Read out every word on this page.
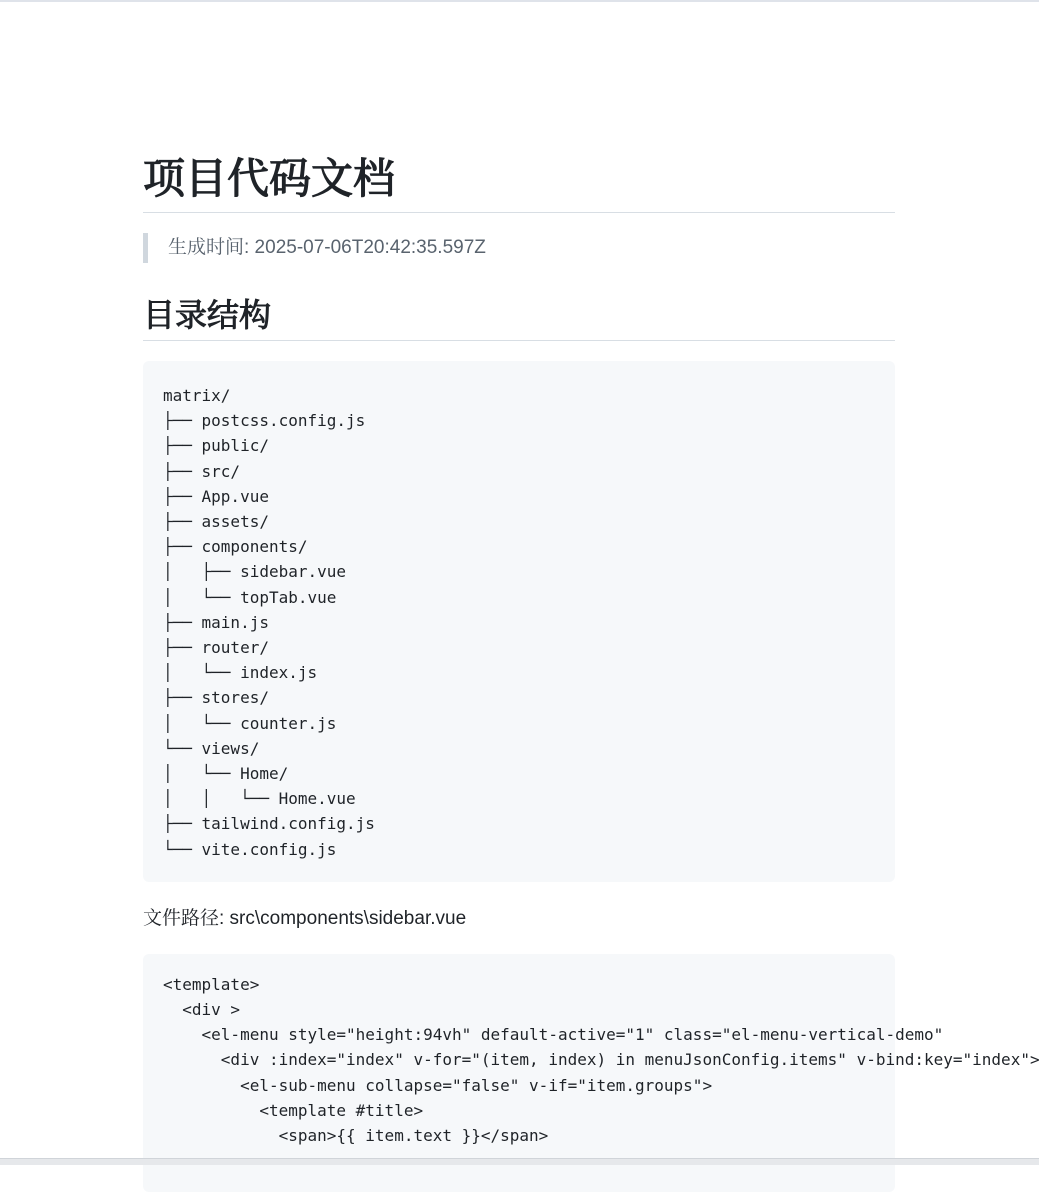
项目代码文档
生成时间: 2025-07-06T20:42:35.597Z
目录结构
matrix/
├── postcss.config.js
├── public/
├── src/
├── App.vue
├── assets/
├── components/
│   ├── sidebar.vue
│   └── topTab.vue
├── main.js
├── router/
│   └── index.js
├── stores/
│   └── counter.js
└── views/
│   └── Home/
│   │   └── Home.vue
├── tailwind.config.js
└── vite.config.js

文件路径: src\components\sidebar.vue

<template>
<div >
<el-menu style="height:94vh" default-active="1" class="el-menu-vertical-demo"
<div :index="index" v-for="(item, index) in menuJsonConfig.items" v-bind:key="index">
<el-sub-menu collapse="false" v-if="item.groups">
<template #title>
<span>{{ item.text }}</span>
